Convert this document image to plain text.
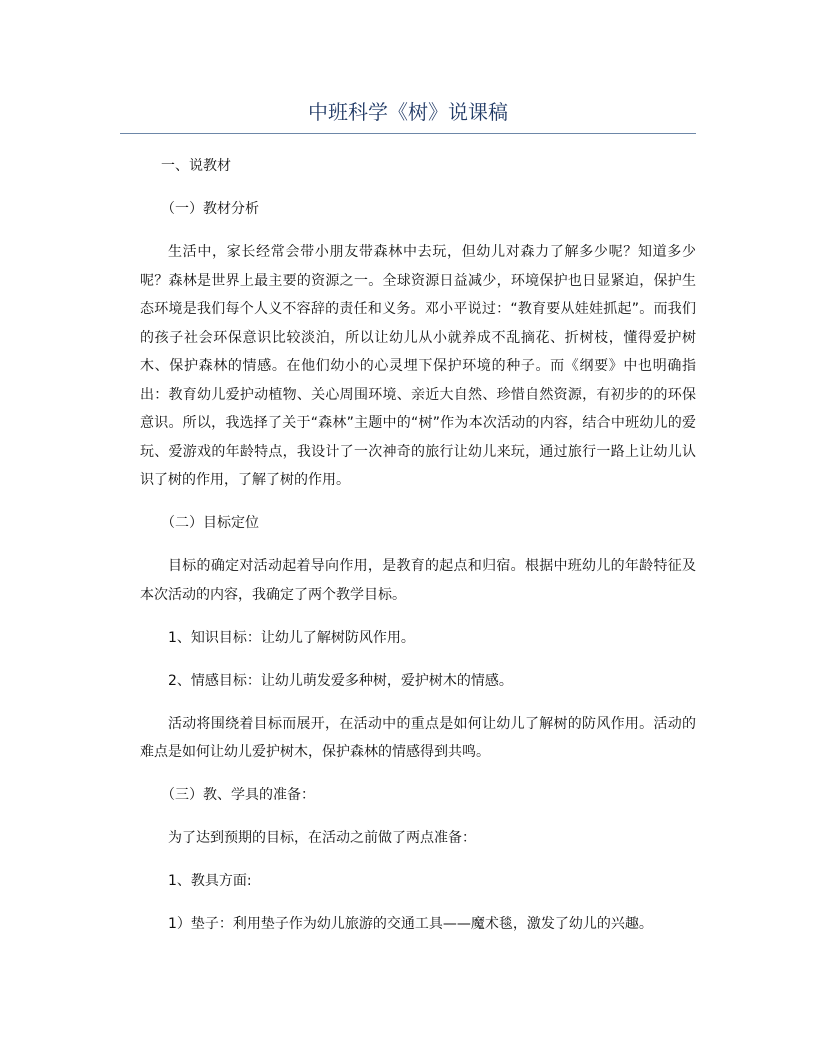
中班科学《树》说课稿

一、说教材

（一）教材分析

生活中，家长经常会带小朋友带森林中去玩，但幼儿对森力了解多少呢？知道多少呢？森林是世界上最主要的资源之一。全球资源日益减少，环境保护也日显紧迫，保护生态环境是我们每个人义不容辞的责任和义务。邓小平说过：“教育要从娃娃抓起”。而我们的孩子社会环保意识比较淡泊，所以让幼儿从小就养成不乱摘花、折树枝，懂得爱护树木、保护森林的情感。在他们幼小的心灵埋下保护环境的种子。而《纲要》中也明确指出：教育幼儿爱护动植物、关心周围环境、亲近大自然、珍惜自然资源，有初步的的环保意识。所以，我选择了关于“森林”主题中的“树”作为本次活动的内容，结合中班幼儿的爱玩、爱游戏的年龄特点，我设计了一次神奇的旅行让幼儿来玩，通过旅行一路上让幼儿认识了树的作用，了解了树的作用。

（二）目标定位

目标的确定对活动起着导向作用，是教育的起点和归宿。根据中班幼儿的年龄特征及本次活动的内容，我确定了两个教学目标。

1、知识目标：让幼儿了解树防风作用。

2、情感目标：让幼儿萌发爱多种树，爱护树木的情感。

活动将围绕着目标而展开，在活动中的重点是如何让幼儿了解树的防风作用。活动的难点是如何让幼儿爱护树木，保护森林的情感得到共鸣。

（三）教、学具的准备：

为了达到预期的目标，在活动之前做了两点准备：

1、教具方面:

1）垫子：利用垫子作为幼儿旅游的交通工具——魔术毯，激发了幼儿的兴趣。
